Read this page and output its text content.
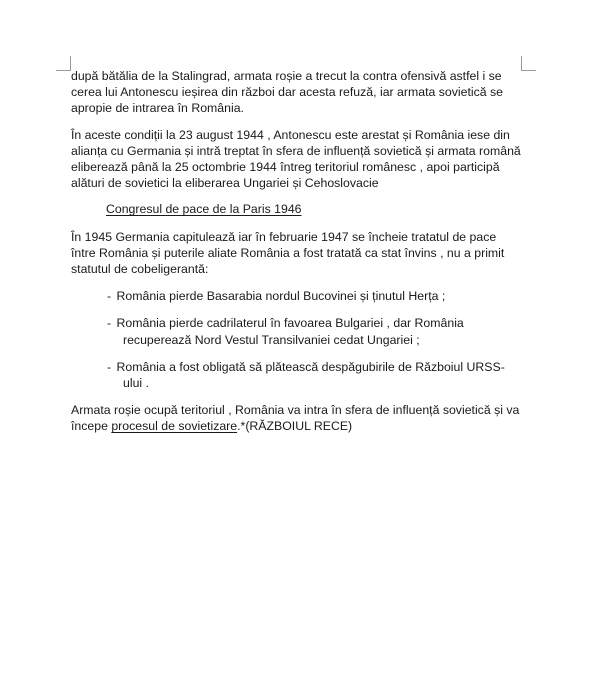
după bătălia de la Stalingrad, armata roșie a trecut la contra ofensivă astfel i se cerea lui Antonescu ieșirea din război dar acesta refuză, iar armata sovietică se apropie de intrarea în România.

În aceste condiții la 23 august 1944 , Antonescu este arestat și România iese din alianța cu Germania și intră treptat în sfera de influență sovietică și armata română eliberează până la 25 octombrie 1944 întreg teritoriul românesc , apoi participă alături de sovietici la eliberarea Ungariei și Cehoslovacie

Congresul de pace de la Paris 1946

În 1945 Germania capitulează iar în februarie 1947 se încheie tratatul de pace între România și puterile aliate România a fost tratată ca stat învins , nu a primit statutul de cobeligerantă:

- România pierde Basarabia nordul Bucovinei și ținutul Herța ;
- România pierde cadrilaterul în favoarea Bulgariei , dar România recuperează Nord Vestul Transilvaniei cedat Ungariei ;
- România a fost obligată să plătească despăgubirile de Războiul URSS-ului .

Armata roșie ocupă teritoriul , România va intra în sfera de influență sovietică și va începe procesul de sovietizare.*(RĂZBOIUL RECE)
